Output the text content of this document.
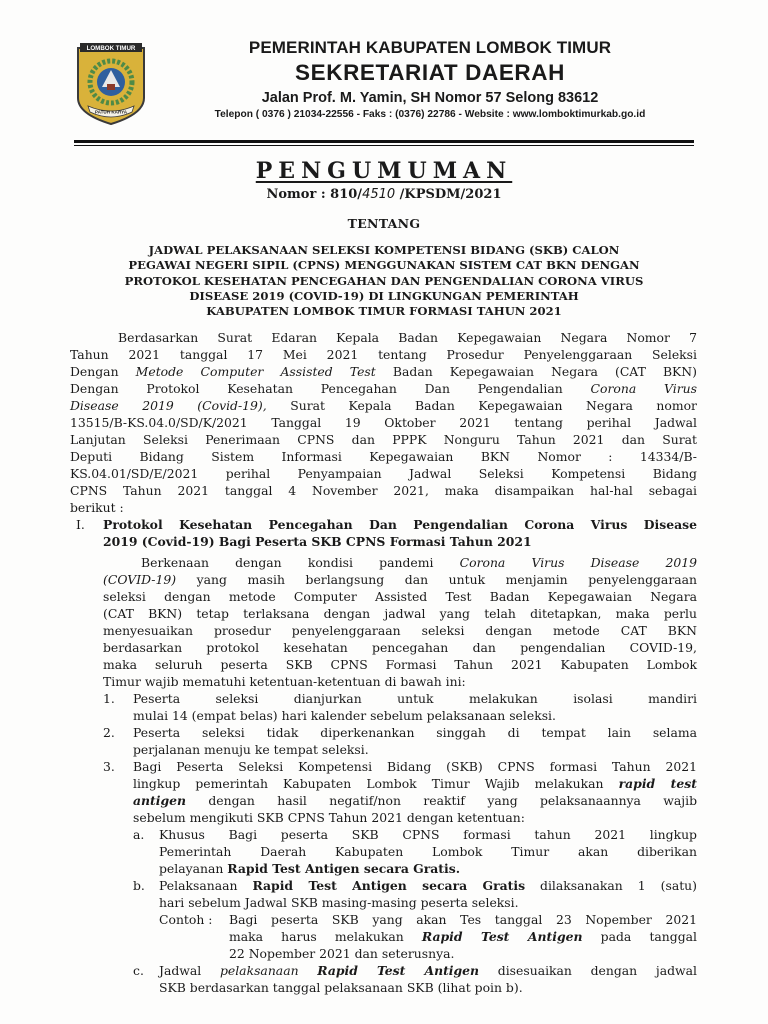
LOMBOK TIMUR
PATUH KARYA
PEMERINTAH KABUPATEN LOMBOK TIMUR
SEKRETARIAT DAERAH
Jalan Prof. M. Yamin, SH Nomor 57 Selong 83612
Telepon ( 0376 ) 21034-22556 - Faks : (0376) 22786 - Website : www.lomboktimurkab.go.id
PENGUMUMAN
Nomor : 810/4510 /KPSDM/2021
TENTANG
JADWAL PELAKSANAAN SELEKSI KOMPETENSI BIDANG (SKB) CALON
PEGAWAI NEGERI SIPIL (CPNS) MENGGUNAKAN SISTEM CAT BKN DENGAN
PROTOKOL KESEHATAN PENCEGAHAN DAN PENGENDALIAN CORONA VIRUS
DISEASE 2019 (COVID-19) DI LINGKUNGAN PEMERINTAH
KABUPATEN LOMBOK TIMUR FORMASI TAHUN 2021
Berdasarkan Surat Edaran Kepala Badan Kepegawaian Negara Nomor 7
Tahun 2021 tanggal 17 Mei 2021 tentang Prosedur Penyelenggaraan Seleksi
Dengan Metode Computer Assisted Test Badan Kepegawaian Negara (CAT BKN)
Dengan Protokol Kesehatan Pencegahan Dan Pengendalian Corona Virus
Disease 2019 (Covid-19), Surat Kepala Badan Kepegawaian Negara nomor
13515/B-KS.04.0/SD/K/2021 Tanggal 19 Oktober 2021 tentang perihal Jadwal
Lanjutan Seleksi Penerimaan CPNS dan PPPK Nonguru Tahun 2021 dan Surat
Deputi Bidang Sistem Informasi Kepegawaian BKN Nomor : 14334/B-
KS.04.01/SD/E/2021 perihal Penyampaian Jadwal Seleksi Kompetensi Bidang
CPNS Tahun 2021 tanggal 4 November 2021, maka disampaikan hal-hal sebagai
berikut :
I. Protokol Kesehatan Pencegahan Dan Pengendalian Corona Virus Disease
2019 (Covid-19) Bagi Peserta SKB CPNS Formasi Tahun 2021
Berkenaan dengan kondisi pandemi Corona Virus Disease 2019
(COVID-19) yang masih berlangsung dan untuk menjamin penyelenggaraan
seleksi dengan metode Computer Assisted Test Badan Kepegawaian Negara
(CAT BKN) tetap terlaksana dengan jadwal yang telah ditetapkan, maka perlu
menyesuaikan prosedur penyelenggaraan seleksi dengan metode CAT BKN
berdasarkan protokol kesehatan pencegahan dan pengendalian COVID-19,
maka seluruh peserta SKB CPNS Formasi Tahun 2021 Kabupaten Lombok
Timur wajib mematuhi ketentuan-ketentuan di bawah ini:
1. Peserta seleksi dianjurkan untuk melakukan isolasi mandiri
mulai 14 (empat belas) hari kalender sebelum pelaksanaan seleksi.
2. Peserta seleksi tidak diperkenankan singgah di tempat lain selama
perjalanan menuju ke tempat seleksi.
3. Bagi Peserta Seleksi Kompetensi Bidang (SKB) CPNS formasi Tahun 2021
lingkup pemerintah Kabupaten Lombok Timur Wajib melakukan rapid test
antigen dengan hasil negatif/non reaktif yang pelaksanaannya wajib
sebelum mengikuti SKB CPNS Tahun 2021 dengan ketentuan:
a. Khusus Bagi peserta SKB CPNS formasi tahun 2021 lingkup
Pemerintah Daerah Kabupaten Lombok Timur akan diberikan
pelayanan Rapid Test Antigen secara Gratis.
b. Pelaksanaan Rapid Test Antigen secara Gratis dilaksanakan 1 (satu)
hari sebelum Jadwal SKB masing-masing peserta seleksi.
Contoh : Bagi peserta SKB yang akan Tes tanggal 23 Nopember 2021
maka harus melakukan Rapid Test Antigen pada tanggal
22 Nopember 2021 dan seterusnya.
c. Jadwal pelaksanaan Rapid Test Antigen disesuaikan dengan jadwal
SKB berdasarkan tanggal pelaksanaan SKB (lihat poin b).
